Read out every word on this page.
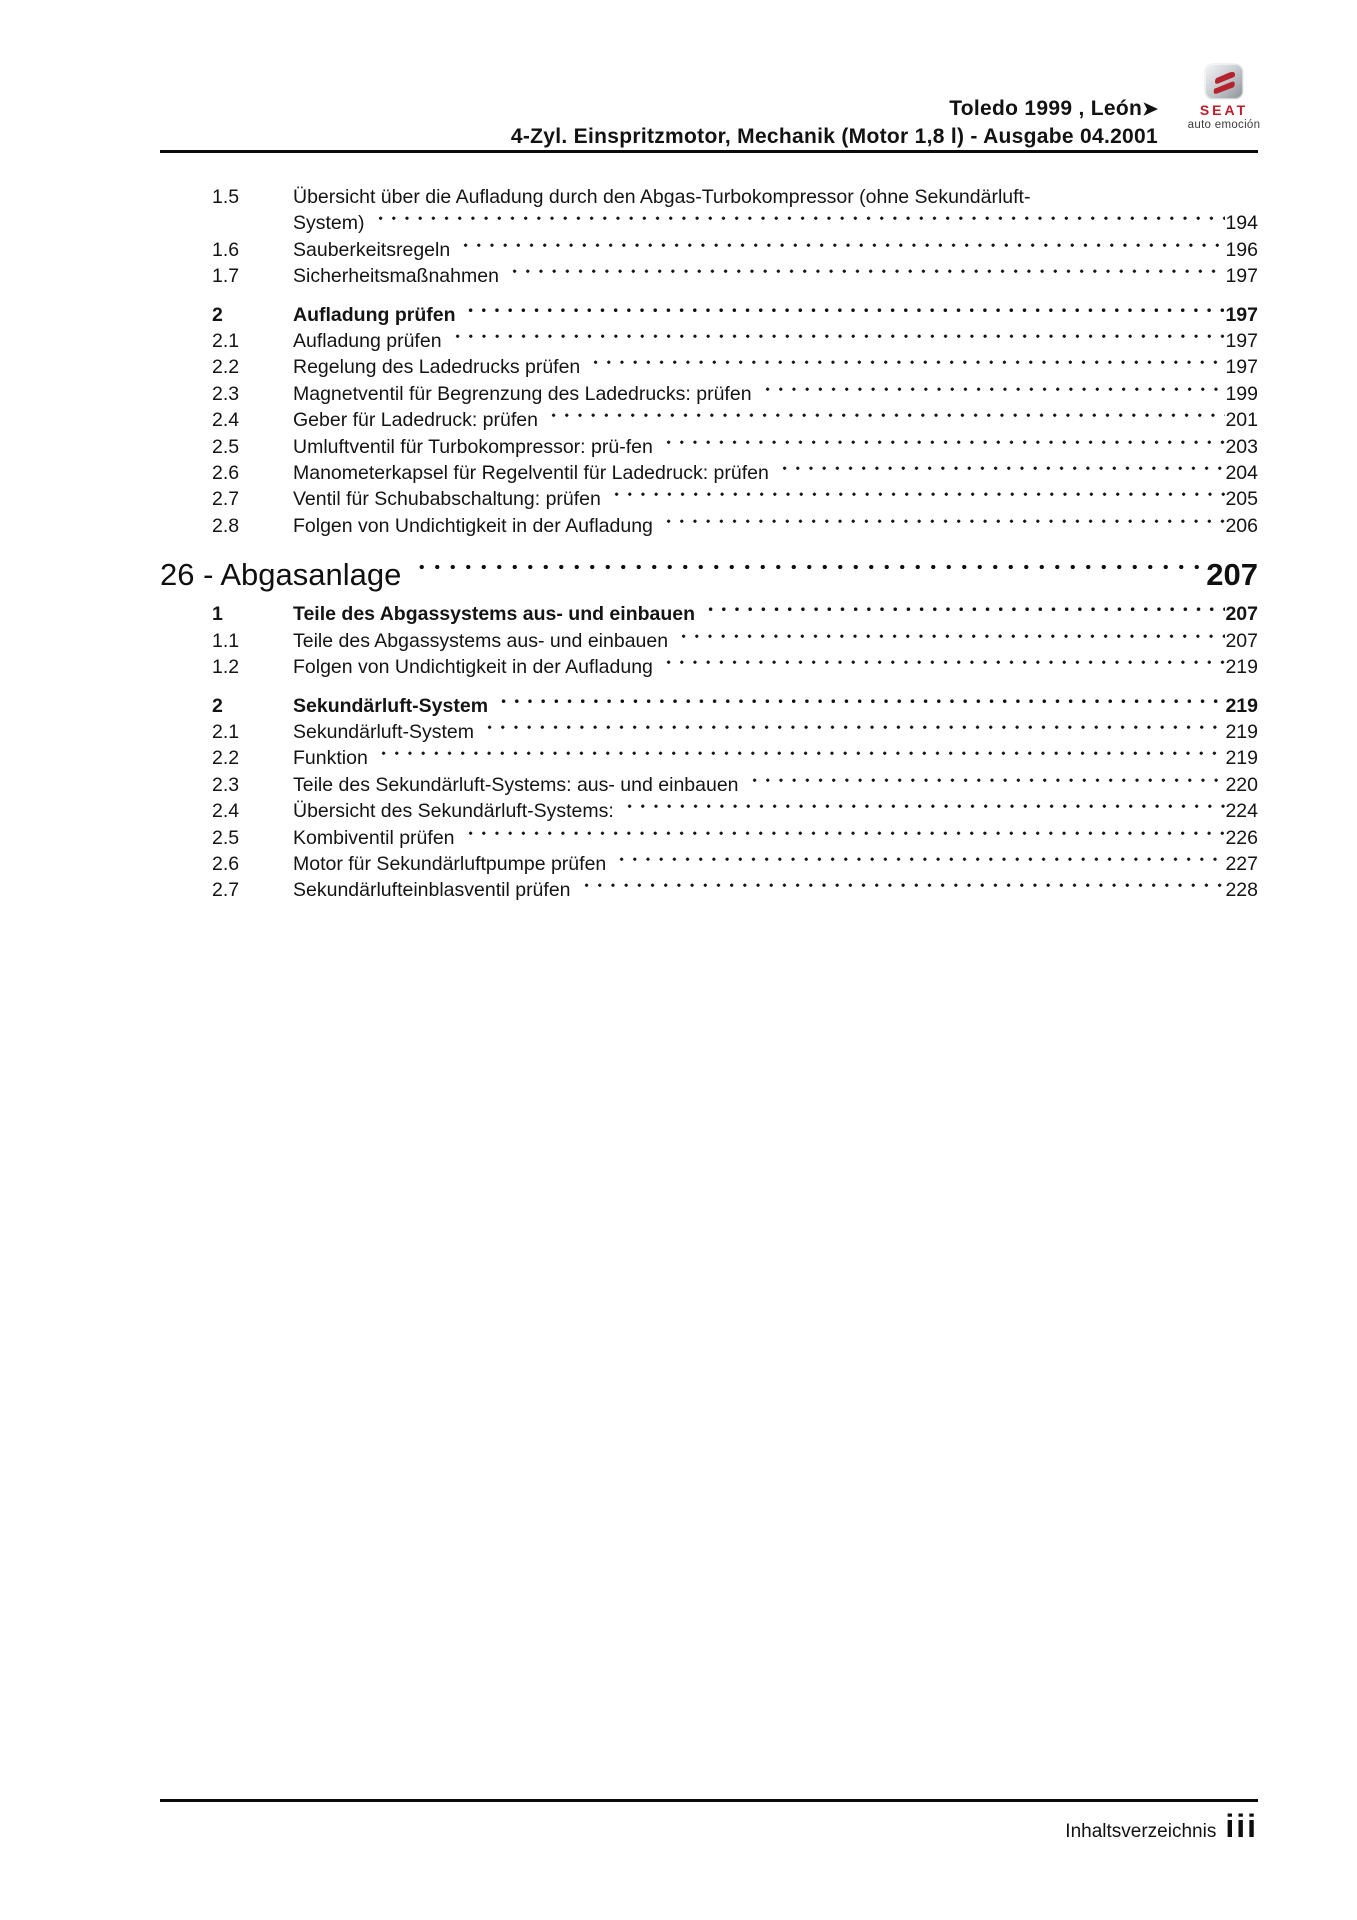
Toledo 1999 , León➤
4-Zyl. Einspritzmotor, Mechanik (Motor 1,8 l) - Ausgabe 04.2001
SEAT
auto emoción
1.5	Übersicht über die Aufladung durch den Abgas-Turbokompressor (ohne Sekundärluft-
System)	194
1.6	Sauberkeitsregeln	196
1.7	Sicherheitsmaßnahmen	197
2	Aufladung prüfen	197
2.1	Aufladung prüfen	197
2.2	Regelung des Ladedrucks prüfen	197
2.3	Magnetventil für Begrenzung des Ladedrucks: prüfen	199
2.4	Geber für Ladedruck: prüfen	201
2.5	Umluftventil für Turbokompressor: prü-fen	203
2.6	Manometerkapsel für Regelventil für Ladedruck: prüfen	204
2.7	Ventil für Schubabschaltung: prüfen	205
2.8	Folgen von Undichtigkeit in der Aufladung	206
26 - Abgasanlage	207
1	Teile des Abgassystems aus- und einbauen	207
1.1	Teile des Abgassystems aus- und einbauen	207
1.2	Folgen von Undichtigkeit in der Aufladung	219
2	Sekundärluft-System	219
2.1	Sekundärluft-System	219
2.2	Funktion	219
2.3	Teile des Sekundärluft-Systems: aus- und einbauen	220
2.4	Übersicht des Sekundärluft-Systems:	224
2.5	Kombiventil prüfen	226
2.6	Motor für Sekundärluftpumpe prüfen	227
2.7	Sekundärlufteinblasventil prüfen	228
Inhaltsverzeichnis iii
